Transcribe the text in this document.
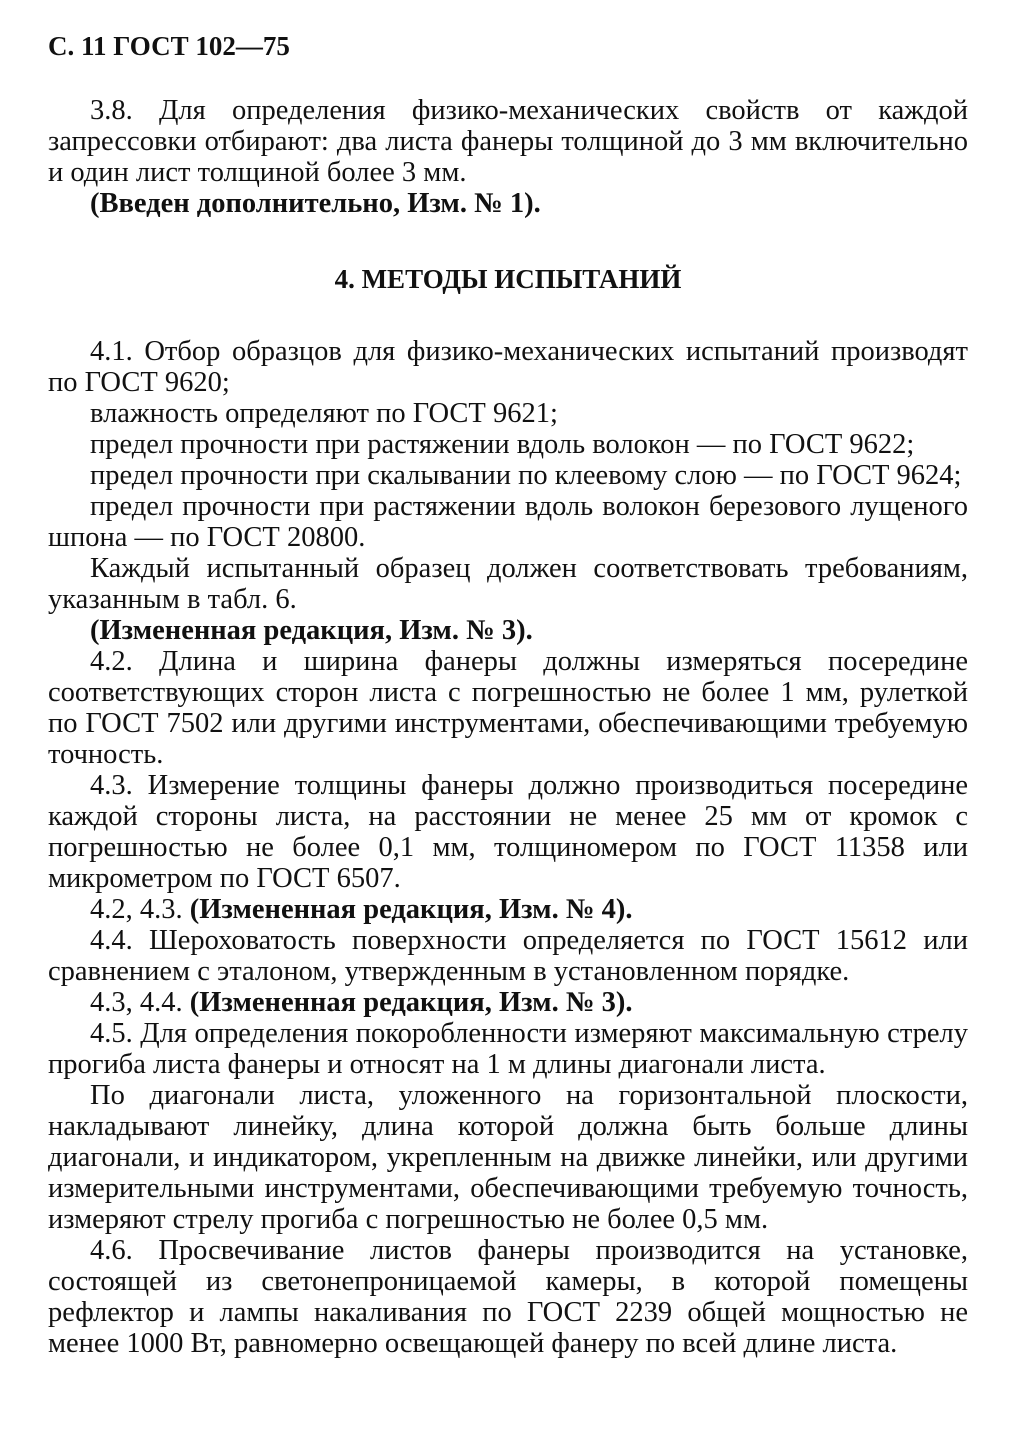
С. 11 ГОСТ 102—75

3.8. Для определения физико-механических свойств от каждой запрессовки отбирают: два листа фанеры толщиной до 3 мм включительно и один лист толщиной более 3 мм.

(Введен дополнительно, Изм. № 1).

4. МЕТОДЫ ИСПЫТАНИЙ

4.1. Отбор образцов для физико-механических испытаний производят по ГОСТ 9620;

влажность определяют по ГОСТ 9621;

предел прочности при растяжении вдоль волокон — по ГОСТ 9622;

предел прочности при скалывании по клеевому слою — по ГОСТ 9624;

предел прочности при растяжении вдоль волокон березового лущеного шпона — по ГОСТ 20800.

Каждый испытанный образец должен соответствовать требованиям, указанным в табл. 6.

(Измененная редакция, Изм. № 3).

4.2. Длина и ширина фанеры должны измеряться посередине соответствующих сторон листа с погрешностью не более 1 мм, рулеткой по ГОСТ 7502 или другими инструментами, обеспечивающими требуемую точность.

4.3. Измерение толщины фанеры должно производиться посередине каждой стороны листа, на расстоянии не менее 25 мм от кромок с погрешностью не более 0,1 мм, толщиномером по ГОСТ 11358 или микрометром по ГОСТ 6507.

4.2, 4.3. (Измененная редакция, Изм. № 4).

4.4. Шероховатость поверхности определяется по ГОСТ 15612 или сравнением с эталоном, утвержденным в установленном порядке.

4.3, 4.4. (Измененная редакция, Изм. № 3).

4.5. Для определения покоробленности измеряют максимальную стрелу прогиба листа фанеры и относят на 1 м длины диагонали листа.

По диагонали листа, уложенного на горизонтальной плоскости, накладывают линейку, длина которой должна быть больше длины диагонали, и индикатором, укрепленным на движке линейки, или другими измерительными инструментами, обеспечивающими требуемую точность, измеряют стрелу прогиба с погрешностью не более 0,5 мм.

4.6. Просвечивание листов фанеры производится на установке, состоящей из светонепроницаемой камеры, в которой помещены рефлектор и лампы накаливания по ГОСТ 2239 общей мощностью не менее 1000 Вт, равномерно освещающей фанеру по всей длине листа.
